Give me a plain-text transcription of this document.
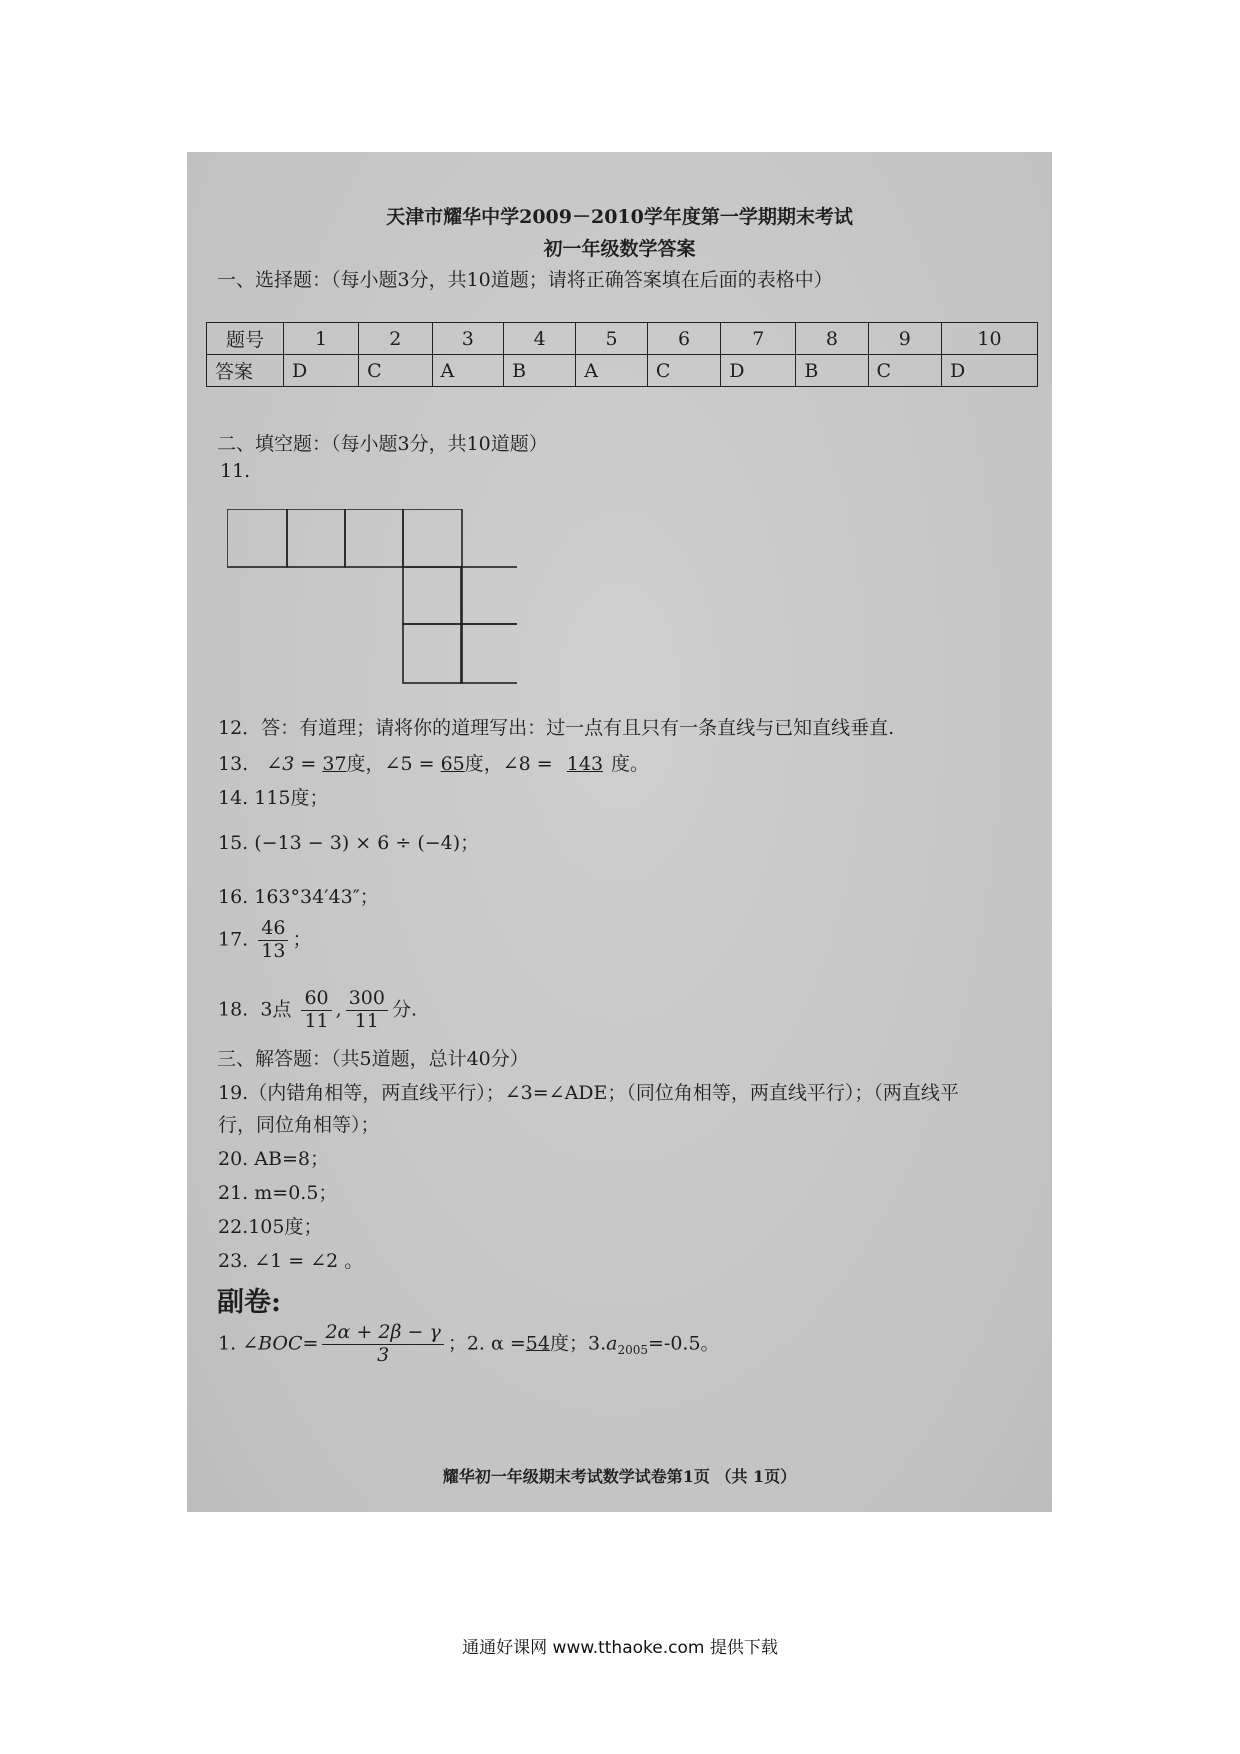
天津市耀华中学2009－2010学年度第一学期期末考试
初一年级数学答案
一、选择题：（每小题3分，共10道题；请将正确答案填在后面的表格中）
题号	1	2	3	4	5	6	7	8	9	10
答案	D	C	A	B	A	C	D	B	C	D
二、填空题：（每小题3分，共10道题）
11.
12．答：有道理；请将你的道理写出：过一点有且只有一条直线与已知直线垂直.
13. ∠3 = 37度，∠5 = 65度，∠8 = 143 度。
14. 115度；
15. (−13 − 3) × 6 ÷ (−4)；
16. 163°34′43″；
17. $\frac{46}{13}$ ；
18. 3点 $\frac{60}{11}$ , $\frac{300}{11}$ 分.
三、解答题：（共5道题，总计40分）
19.（内错角相等，两直线平行）；∠3=∠ADE；（同位角相等，两直线平行）；（两直线平
行，同位角相等）；
20. AB=8；
21. m=0.5；
22.105度；
23. ∠1 = ∠2 。
副卷:
1. ∠BOC= $\frac{2\alpha + 2\beta - \gamma}{3}$ ；2. α =54度；$3.a_{2005}=-0.5$。
耀华初一年级期末考试数学试卷第1页 （共 1页）
通通好课网 www.tthaoke.com 提供下载
